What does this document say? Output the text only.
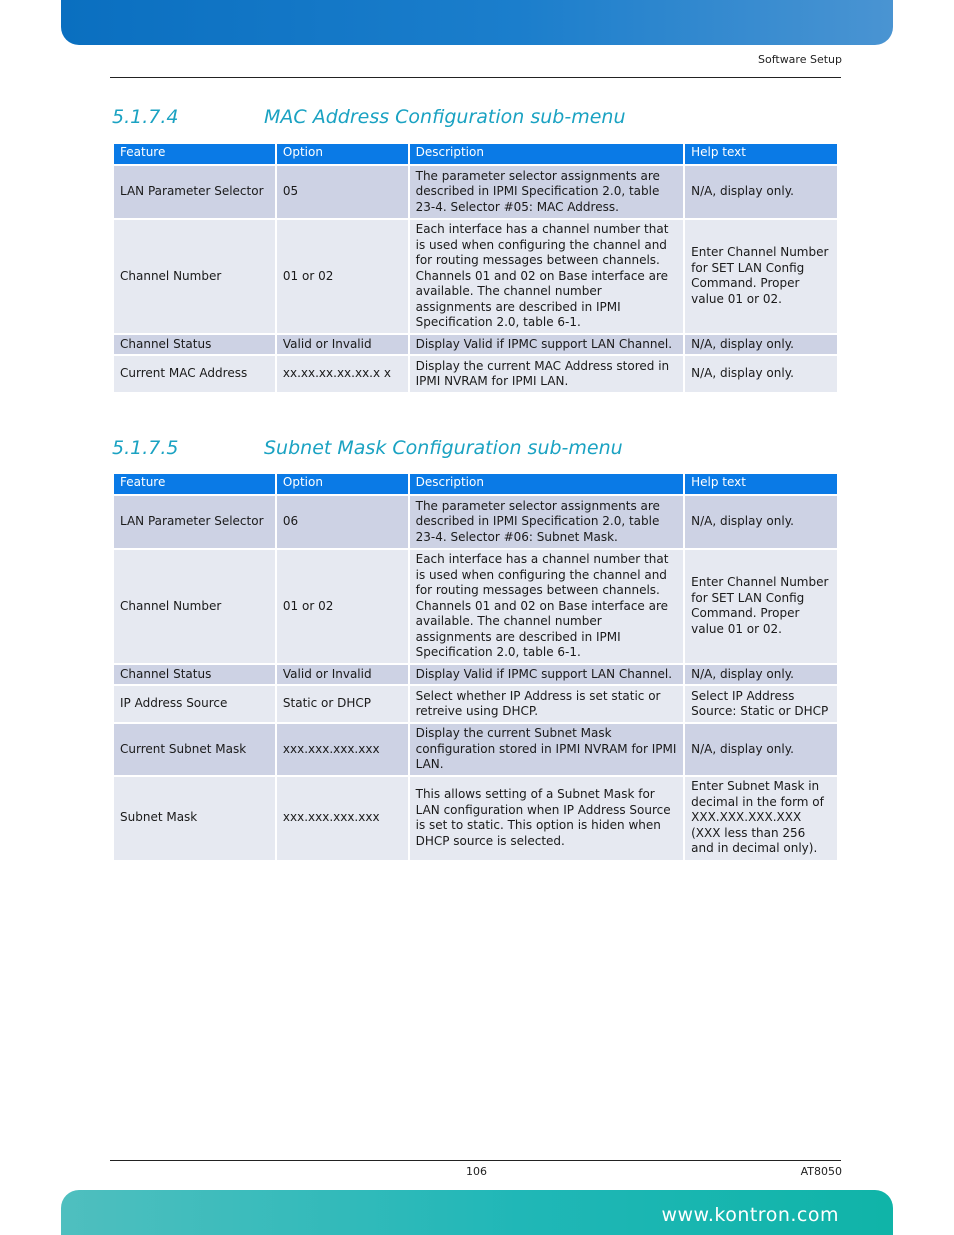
Software Setup
5.1.7.4	MAC Address Configuration sub-menu
Feature	Option	Description	Help text
LAN Parameter Selector	05	The parameter selector assignments are described in IPMI Specification 2.0, table 23-4. Selector #05: MAC Address.	N/A, display only.
Channel Number	01 or 02	Each interface has a channel number that is used when configuring the channel and for routing messages between channels. Channels 01 and 02 on Base interface are available. The channel number assignments are described in IPMI Specification 2.0, table 6-1.	Enter Channel Number for SET LAN Config Command. Proper value 01 or 02.
Channel Status	Valid or Invalid	Display Valid if IPMC support LAN Channel.	N/A, display only.
Current MAC Address	xx.xx.xx.xx.xx.x x	Display the current MAC Address stored in IPMI NVRAM for IPMI LAN.	N/A, display only.
5.1.7.5	Subnet Mask Configuration sub-menu
Feature	Option	Description	Help text
LAN Parameter Selector	06	The parameter selector assignments are described in IPMI Specification 2.0, table 23-4. Selector #06: Subnet Mask.	N/A, display only.
Channel Number	01 or 02	Each interface has a channel number that is used when configuring the channel and for routing messages between channels. Channels 01 and 02 on Base interface are available. The channel number assignments are described in IPMI Specification 2.0, table 6-1.	Enter Channel Number for SET LAN Config Command. Proper value 01 or 02.
Channel Status	Valid or Invalid	Display Valid if IPMC support LAN Channel.	N/A, display only.
IP Address Source	Static or DHCP	Select whether IP Address is set static or retreive using DHCP.	Select IP Address Source: Static or DHCP
Current Subnet Mask	xxx.xxx.xxx.xxx	Display the current Subnet Mask configuration stored in IPMI NVRAM for IPMI LAN.	N/A, display only.
Subnet Mask	xxx.xxx.xxx.xxx	This allows setting of a Subnet Mask for LAN configuration when IP Address Source is set to static. This option is hiden when DHCP source is selected.	Enter Subnet Mask in decimal in the form of XXX.XXX.XXX.XXX (XXX less than 256 and in decimal only).
106	AT8050
www.kontron.com
